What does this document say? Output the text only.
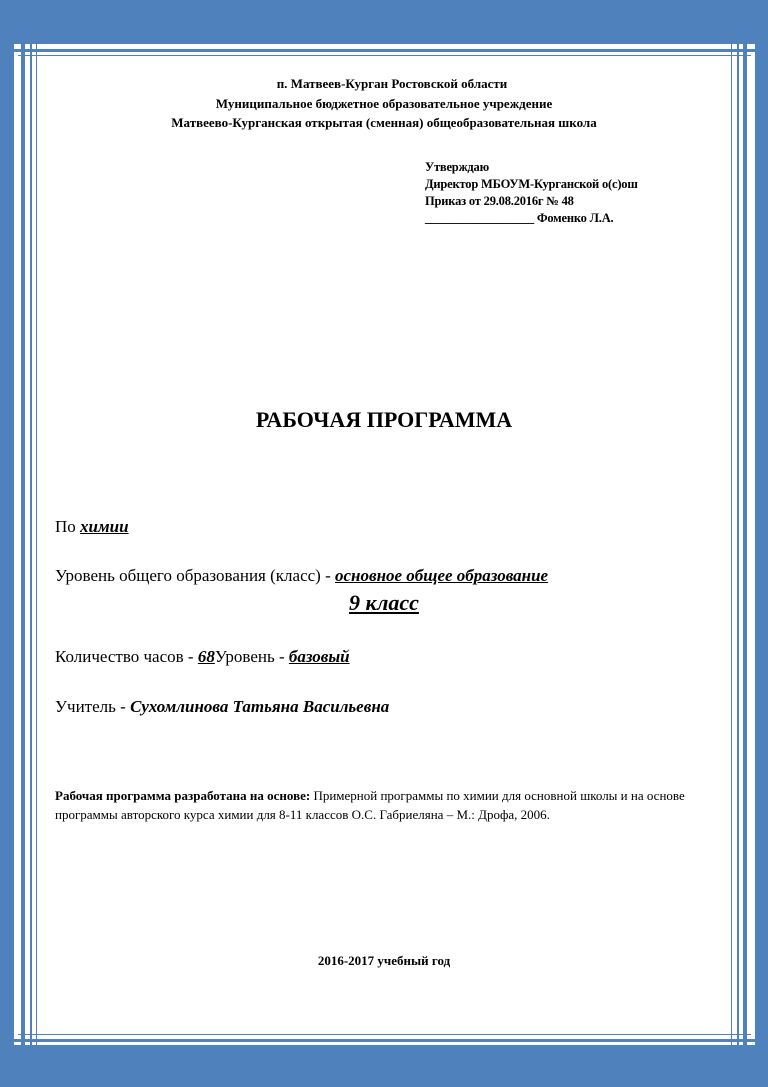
п. Матвеев-Курган Ростовской области
Муниципальное бюджетное образовательное учреждение
Матвеево-Курганская открытая (сменная) общеобразовательная школа
Утверждаю
Директор МБОУМ-Курганской о(с)ош
Приказ от 29.08.2016г № 48
__________________ Фоменко Л.А.
РАБОЧАЯ ПРОГРАММА
По химии
Уровень общего образования (класс) - основное общее образование
9 класс
Количество часов - 68Уровень - базовый
Учитель - Сухомлинова Татьяна Васильевна
Рабочая программа разработана на основе: Примерной программы по химии для основной школы и на основе программы авторского курса химии для 8-11 классов О.С. Габриеляна – М.: Дрофа, 2006.
2016-2017 учебный год
